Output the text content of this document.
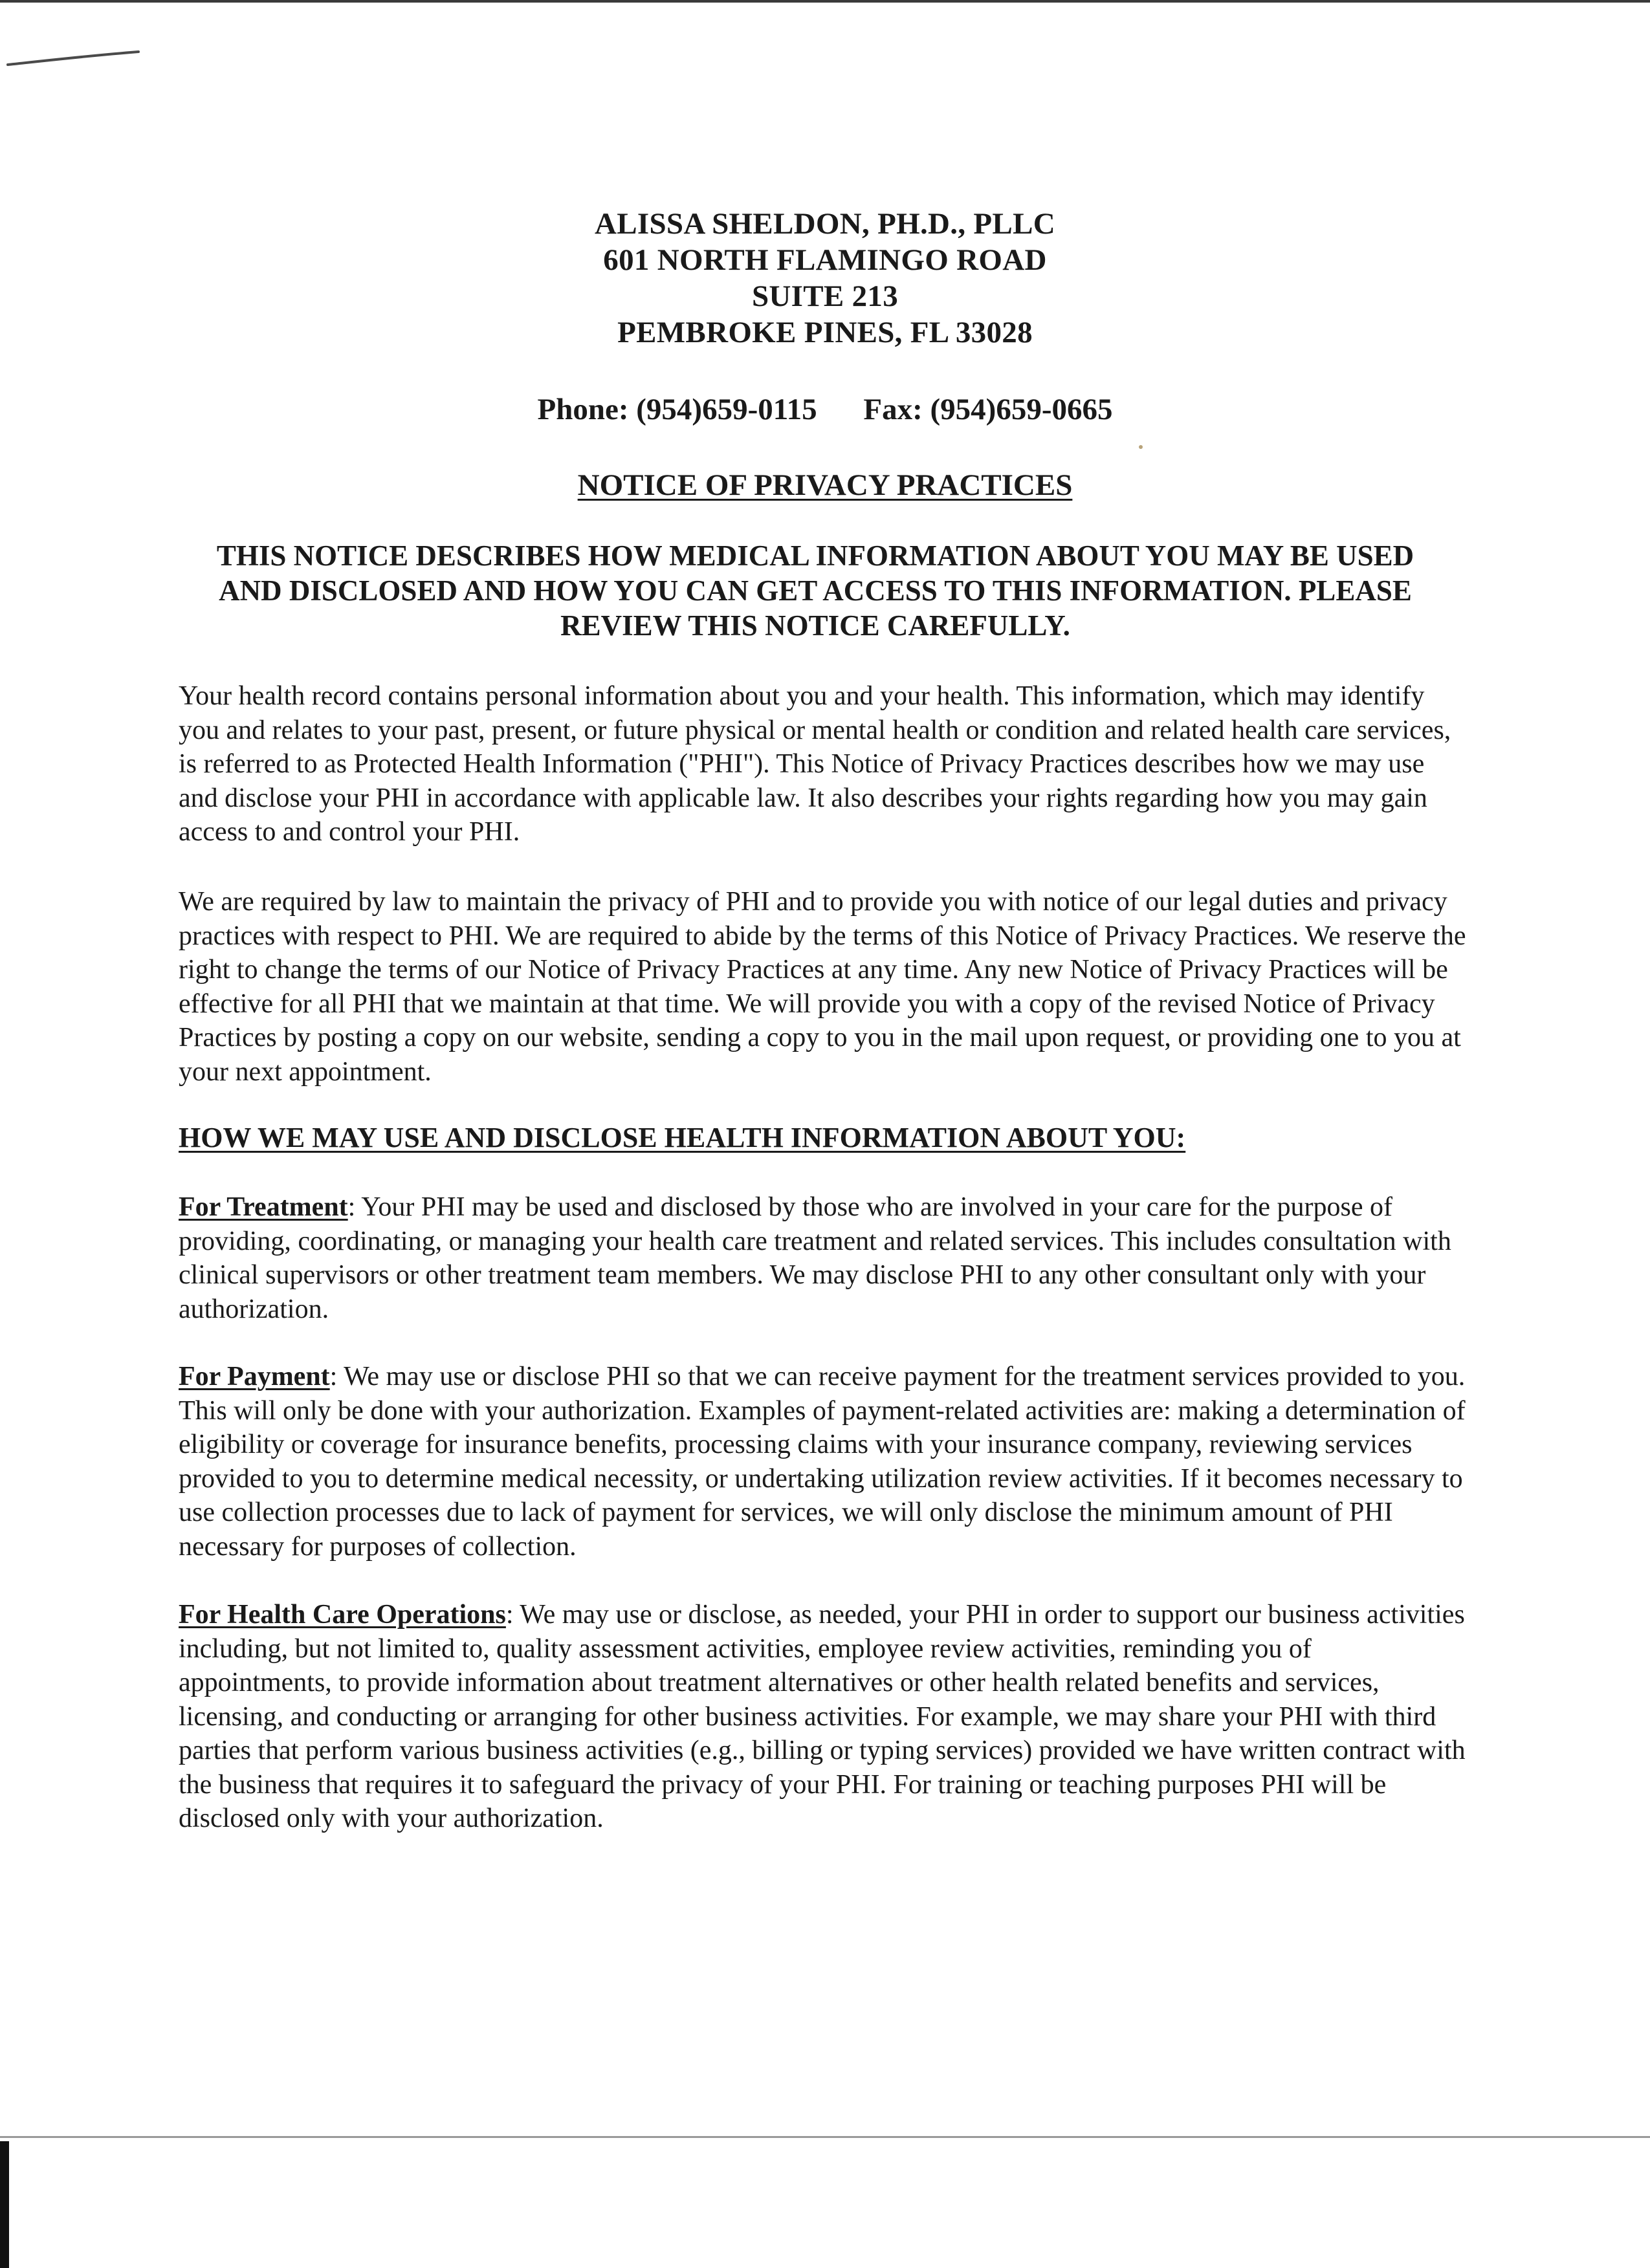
ALISSA SHELDON, PH.D., PLLC
601 NORTH FLAMINGO ROAD
SUITE 213
PEMBROKE PINES, FL 33028
Phone: (954)659-0115 Fax: (954)659-0665
NOTICE OF PRIVACY PRACTICES
THIS NOTICE DESCRIBES HOW MEDICAL INFORMATION ABOUT YOU MAY BE USED AND DISCLOSED AND HOW YOU CAN GET ACCESS TO THIS INFORMATION. PLEASE REVIEW THIS NOTICE CAREFULLY.
Your health record contains personal information about you and your health. This information, which may identify you and relates to your past, present, or future physical or mental health or condition and related health care services, is referred to as Protected Health Information ("PHI"). This Notice of Privacy Practices describes how we may use and disclose your PHI in accordance with applicable law. It also describes your rights regarding how you may gain access to and control your PHI.
We are required by law to maintain the privacy of PHI and to provide you with notice of our legal duties and privacy practices with respect to PHI. We are required to abide by the terms of this Notice of Privacy Practices. We reserve the right to change the terms of our Notice of Privacy Practices at any time. Any new Notice of Privacy Practices will be effective for all PHI that we maintain at that time. We will provide you with a copy of the revised Notice of Privacy Practices by posting a copy on our website, sending a copy to you in the mail upon request, or providing one to you at your next appointment.
HOW WE MAY USE AND DISCLOSE HEALTH INFORMATION ABOUT YOU:
For Treatment: Your PHI may be used and disclosed by those who are involved in your care for the purpose of providing, coordinating, or managing your health care treatment and related services. This includes consultation with clinical supervisors or other treatment team members. We may disclose PHI to any other consultant only with your authorization.
For Payment: We may use or disclose PHI so that we can receive payment for the treatment services provided to you. This will only be done with your authorization. Examples of payment-related activities are: making a determination of eligibility or coverage for insurance benefits, processing claims with your insurance company, reviewing services provided to you to determine medical necessity, or undertaking utilization review activities. If it becomes necessary to use collection processes due to lack of payment for services, we will only disclose the minimum amount of PHI necessary for purposes of collection.
For Health Care Operations: We may use or disclose, as needed, your PHI in order to support our business activities including, but not limited to, quality assessment activities, employee review activities, reminding you of appointments, to provide information about treatment alternatives or other health related benefits and services, licensing, and conducting or arranging for other business activities. For example, we may share your PHI with third parties that perform various business activities (e.g., billing or typing services) provided we have written contract with the business that requires it to safeguard the privacy of your PHI. For training or teaching purposes PHI will be disclosed only with your authorization.
